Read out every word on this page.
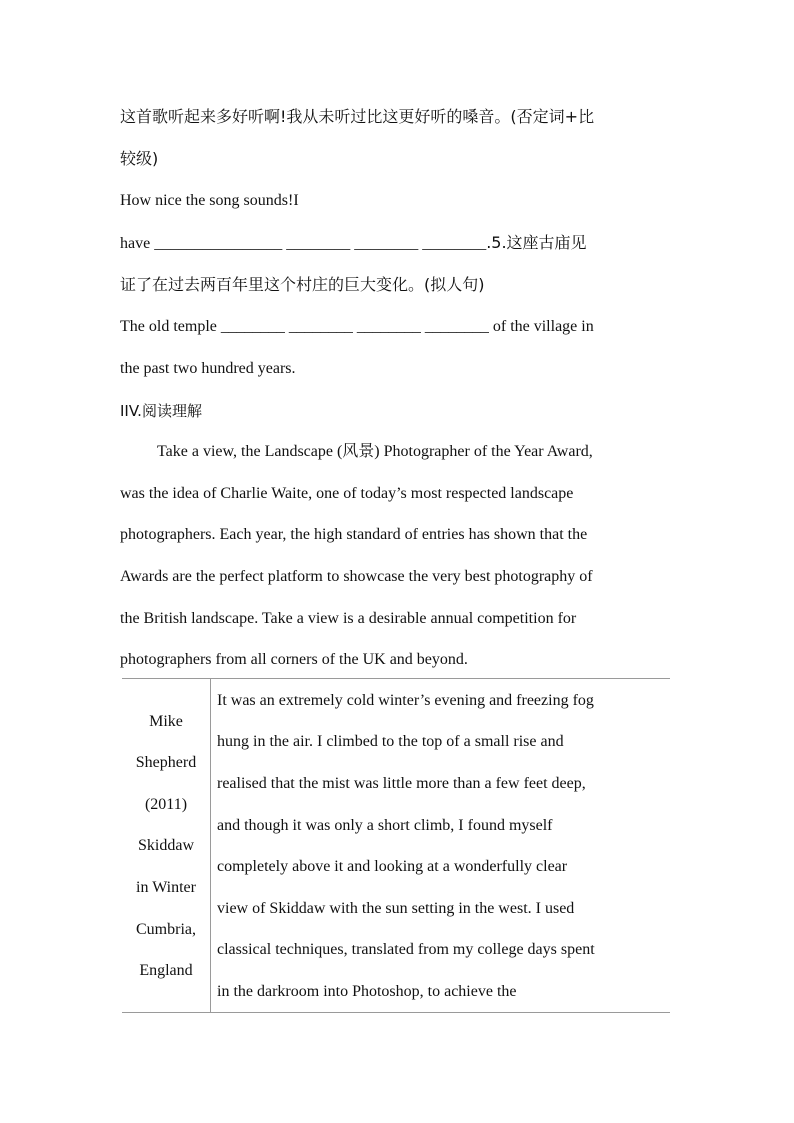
这首歌听起来多好听啊!我从未听过比这更好听的嗓音。(否定词+比
较级)
How nice the song sounds!I
have ________________ ________ ________ ________.5.这座古庙见
证了在过去两百年里这个村庄的巨大变化。(拟人句)
The old temple ________ ________ ________ ________ of the village in
the past two hundred years.
IIV.阅读理解
Take a view, the Landscape (风景) Photographer of the Year Award,
was the idea of Charlie Waite, one of today’s most respected landscape
photographers. Each year, the high standard of entries has shown that the
Awards are the perfect platform to showcase the very best photography of
the British landscape. Take a view is a desirable annual competition for
photographers from all corners of the UK and beyond.
Mike
Shepherd
(2011)
Skiddaw
in Winter
Cumbria,
England
It was an extremely cold winter’s evening and freezing fog
hung in the air. I climbed to the top of a small rise and
realised that the mist was little more than a few feet deep,
and though it was only a short climb, I found myself
completely above it and looking at a wonderfully clear
view of Skiddaw with the sun setting in the west. I used
classical techniques, translated from my college days spent
in the darkroom into Photoshop, to achieve the
